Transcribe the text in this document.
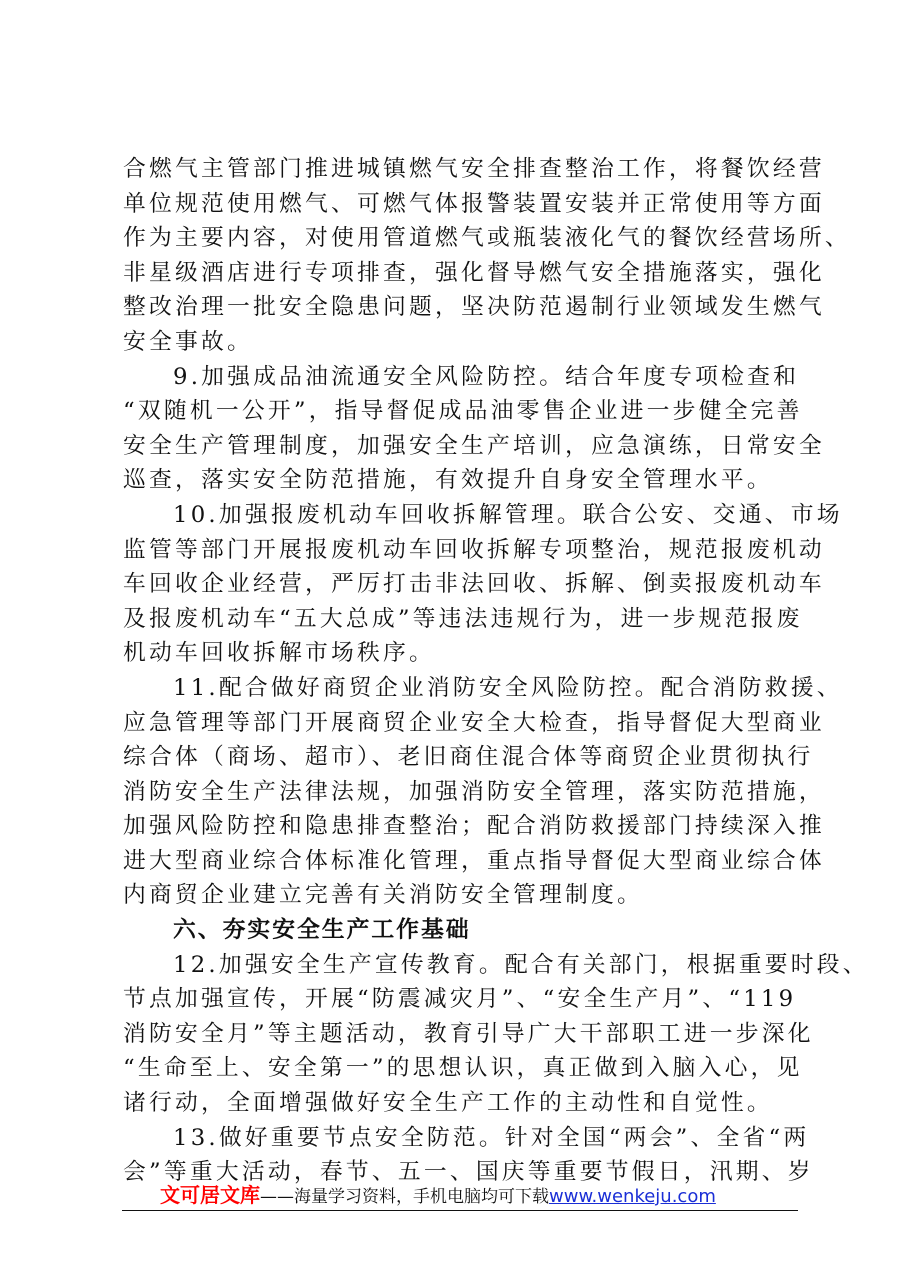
合燃气主管部门推进城镇燃气安全排查整治工作，将餐饮经营
单位规范使用燃气、可燃气体报警装置安装并正常使用等方面
作为主要内容，对使用管道燃气或瓶装液化气的餐饮经营场所、
非星级酒店进行专项排查，强化督导燃气安全措施落实，强化
整改治理一批安全隐患问题，坚决防范遏制行业领域发生燃气
安全事故。
9.加强成品油流通安全风险防控。结合年度专项检查和
“双随机一公开”，指导督促成品油零售企业进一步健全完善
安全生产管理制度，加强安全生产培训，应急演练，日常安全
巡查，落实安全防范措施，有效提升自身安全管理水平。
10.加强报废机动车回收拆解管理。联合公安、交通、市场
监管等部门开展报废机动车回收拆解专项整治，规范报废机动
车回收企业经营，严厉打击非法回收、拆解、倒卖报废机动车
及报废机动车“五大总成”等违法违规行为，进一步规范报废
机动车回收拆解市场秩序。
11.配合做好商贸企业消防安全风险防控。配合消防救援、
应急管理等部门开展商贸企业安全大检查，指导督促大型商业
综合体（商场、超市）、老旧商住混合体等商贸企业贯彻执行
消防安全生产法律法规，加强消防安全管理，落实防范措施，
加强风险防控和隐患排查整治；配合消防救援部门持续深入推
进大型商业综合体标准化管理，重点指导督促大型商业综合体
内商贸企业建立完善有关消防安全管理制度。
六、夯实安全生产工作基础
12.加强安全生产宣传教育。配合有关部门，根据重要时段、
节点加强宣传，开展“防震减灾月”、“安全生产月”、“119
消防安全月”等主题活动，教育引导广大干部职工进一步深化
“生命至上、安全第一”的思想认识，真正做到入脑入心，见
诸行动，全面增强做好安全生产工作的主动性和自觉性。
13.做好重要节点安全防范。针对全国“两会”、全省“两
会”等重大活动，春节、五一、国庆等重要节假日，汛期、岁
文可居文库——海量学习资料，手机电脑均可下载www.wenkeju.com
